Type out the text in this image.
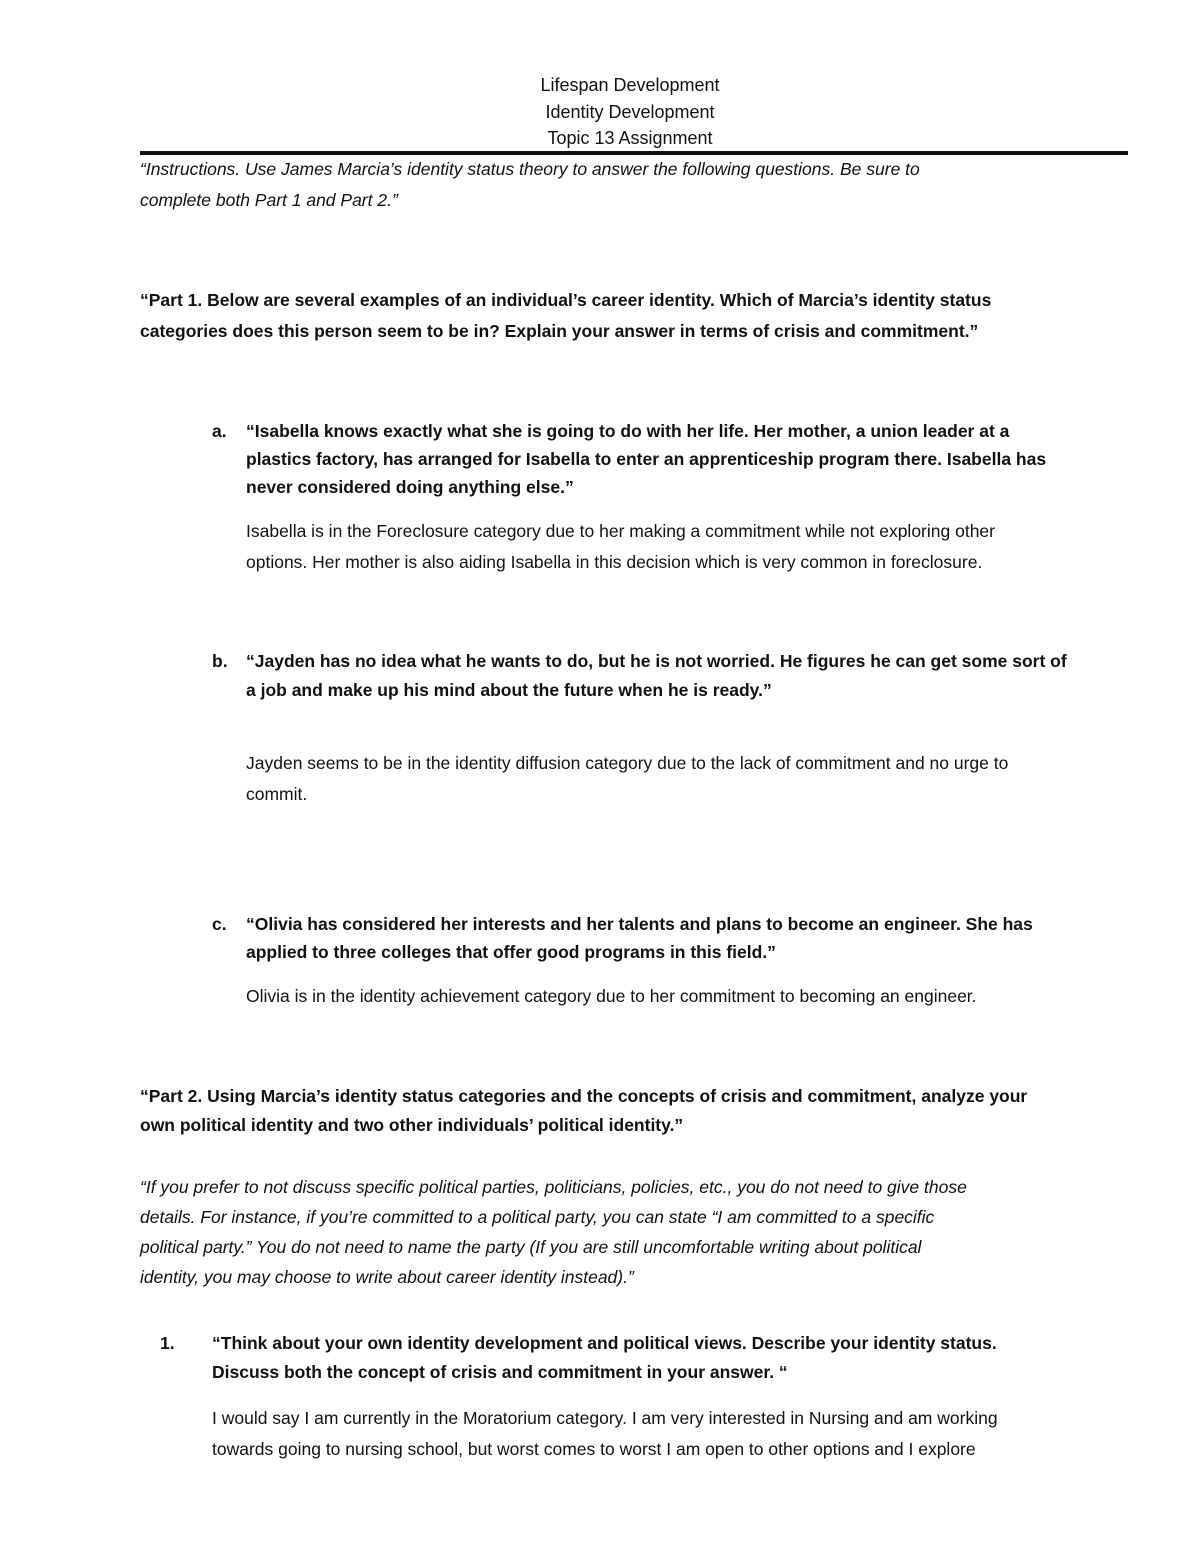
Lifespan Development
Identity Development
Topic 13 Assignment

“Instructions. Use James Marcia’s identity status theory to answer the following questions. Be sure to

complete both Part 1 and Part 2.”

“Part 1. Below are several examples of an individual’s career identity. Which of Marcia’s identity status

categories does this person seem to be in? Explain your answer in terms of crisis and commitment.”

a. “Isabella knows exactly what she is going to do with her life. Her mother, a union leader at a

plastics factory, has arranged for Isabella to enter an apprenticeship program there. Isabella has

never considered doing anything else.”

Isabella is in the Foreclosure category due to her making a commitment while not exploring other

options. Her mother is also aiding Isabella in this decision which is very common in foreclosure.

b. “Jayden has no idea what he wants to do, but he is not worried. He figures he can get some sort of

a job and make up his mind about the future when he is ready.”

Jayden seems to be in the identity diffusion category due to the lack of commitment and no urge to

commit.

c. “Olivia has considered her interests and her talents and plans to become an engineer. She has

applied to three colleges that offer good programs in this field.”

Olivia is in the identity achievement category due to her commitment to becoming an engineer.

“Part 2. Using Marcia’s identity status categories and the concepts of crisis and commitment, analyze your

own political identity and two other individuals’ political identity.”

“If you prefer to not discuss specific political parties, politicians, policies, etc., you do not need to give those

details. For instance, if you’re committed to a political party, you can state “I am committed to a specific

political party.” You do not need to name the party (If you are still uncomfortable writing about political

identity, you may choose to write about career identity instead).”

1. “Think about your own identity development and political views. Describe your identity status.

Discuss both the concept of crisis and commitment in your answer. “

I would say I am currently in the Moratorium category. I am very interested in Nursing and am working

towards going to nursing school, but worst comes to worst I am open to other options and I explore
